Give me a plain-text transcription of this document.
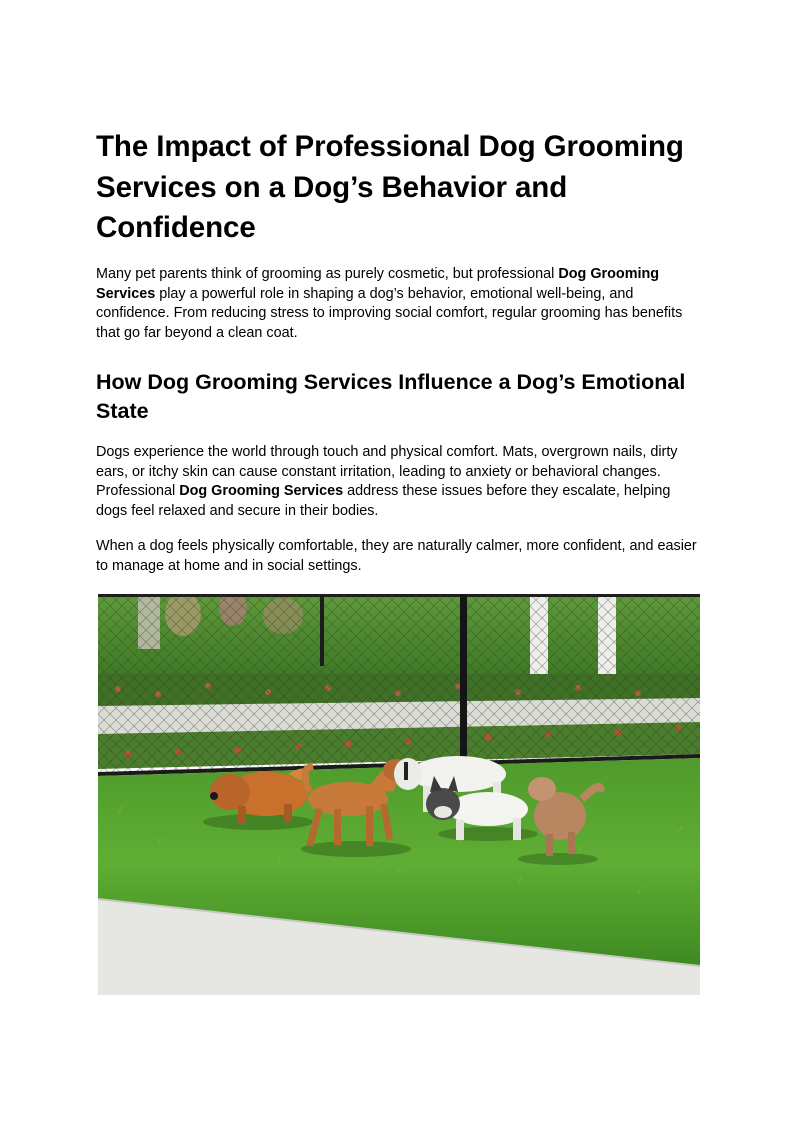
The Impact of Professional Dog Grooming Services on a Dog’s Behavior and Confidence

Many pet parents think of grooming as purely cosmetic, but professional Dog Grooming Services play a powerful role in shaping a dog’s behavior, emotional well-being, and confidence. From reducing stress to improving social comfort, regular grooming has benefits that go far beyond a clean coat.

How Dog Grooming Services Influence a Dog’s Emotional State

Dogs experience the world through touch and physical comfort. Mats, overgrown nails, dirty ears, or itchy skin can cause constant irritation, leading to anxiety or behavioral changes. Professional Dog Grooming Services address these issues before they escalate, helping dogs feel relaxed and secure in their bodies.

When a dog feels physically comfortable, they are naturally calmer, more confident, and easier to manage at home and in social settings.
